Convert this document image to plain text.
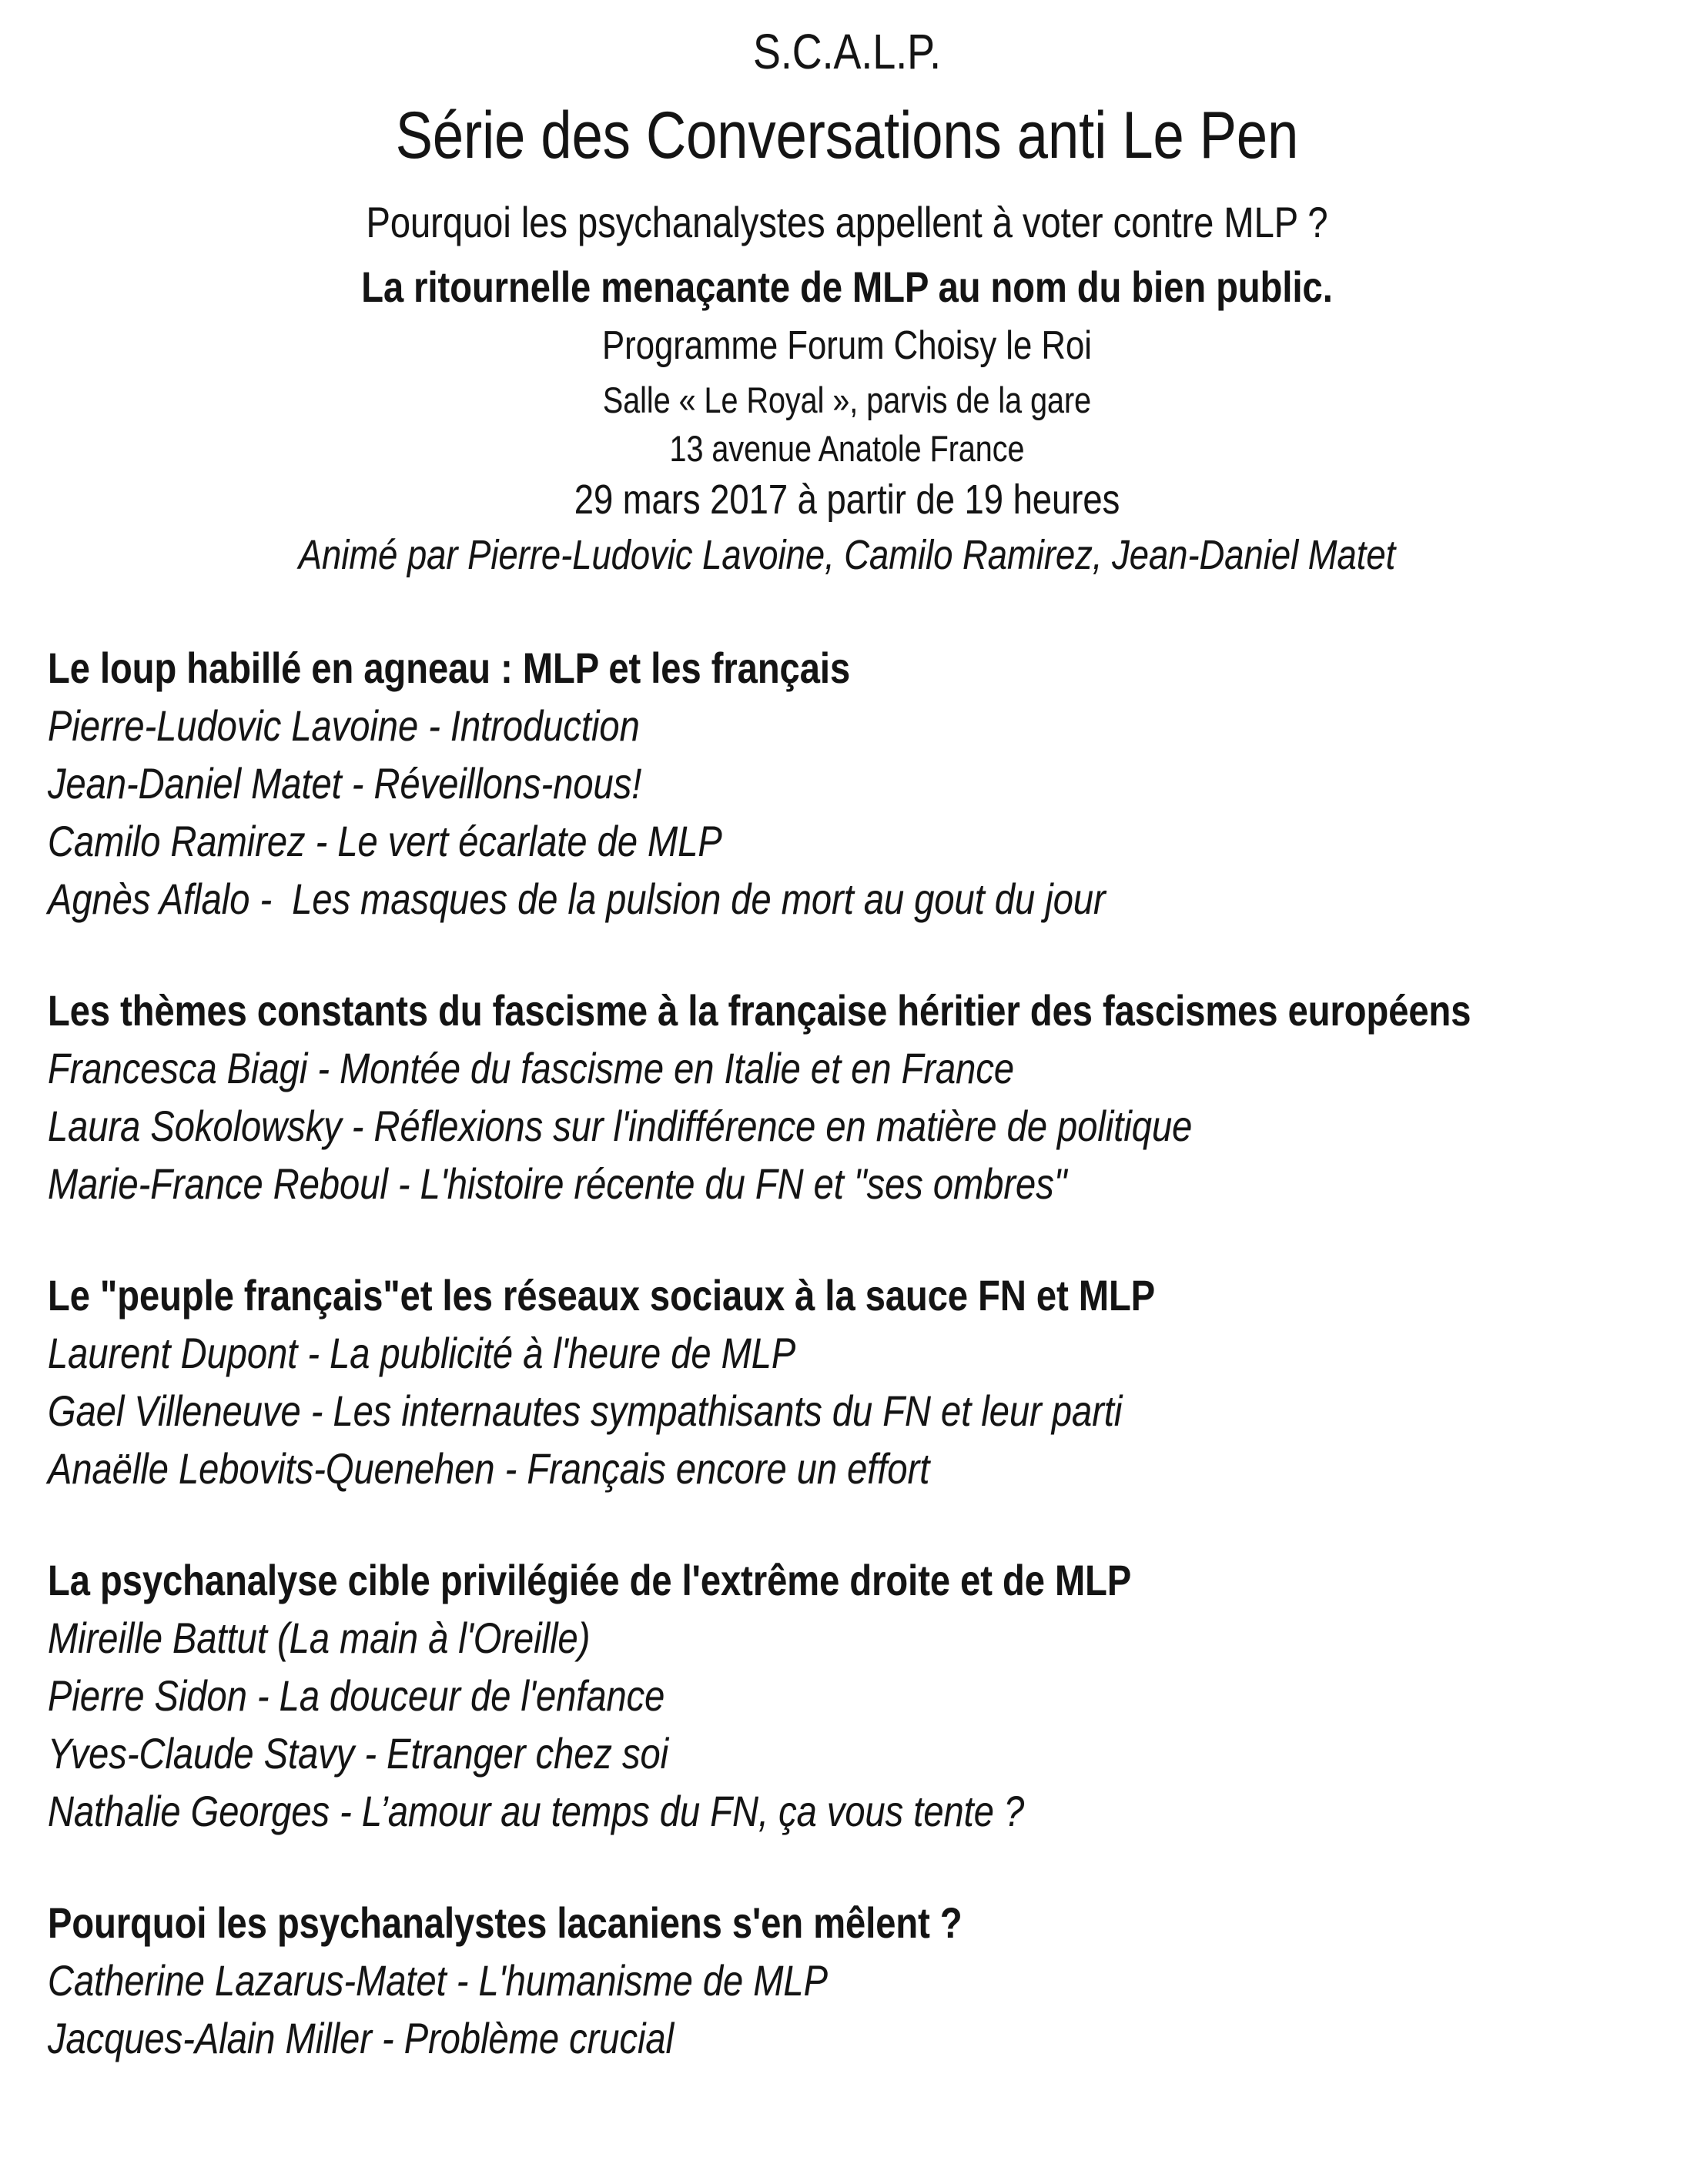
S.C.A.L.P.
Série des Conversations anti Le Pen
Pourquoi les psychanalystes appellent à voter contre MLP ?
La ritournelle menaçante de MLP au nom du bien public.
Programme Forum Choisy le Roi
Salle « Le Royal », parvis de la gare
13 avenue Anatole France
29 mars 2017 à partir de 19 heures
Animé par Pierre-Ludovic Lavoine, Camilo Ramirez, Jean-Daniel Matet
Le loup habillé en agneau : MLP et les français

Pierre-Ludovic Lavoine - Introduction

Jean-Daniel Matet - Réveillons-nous!

Camilo Ramirez - Le vert écarlate de MLP

Agnès Aflalo -  Les masques de la pulsion de mort au gout du jour

Les thèmes constants du fascisme à la française héritier des fascismes européens

Francesca Biagi - Montée du fascisme en Italie et en France

Laura Sokolowsky - Réflexions sur l'indifférence en matière de politique

Marie-France Reboul - L'histoire récente du FN et "ses ombres"

Le "peuple français"et les réseaux sociaux à la sauce FN et MLP

Laurent Dupont - La publicité à l'heure de MLP

Gael Villeneuve - Les internautes sympathisants du FN et leur parti

Anaëlle Lebovits-Quenehen - Français encore un effort

La psychanalyse cible privilégiée de l'extrême droite et de MLP

Mireille Battut (La main à l'Oreille)

Pierre Sidon - La douceur de l'enfance

Yves-Claude Stavy - Etranger chez soi

Nathalie Georges - L’amour au temps du FN, ça vous tente ?

Pourquoi les psychanalystes lacaniens s'en mêlent ?

Catherine Lazarus-Matet - L'humanisme de MLP

Jacques-Alain Miller - Problème crucial
